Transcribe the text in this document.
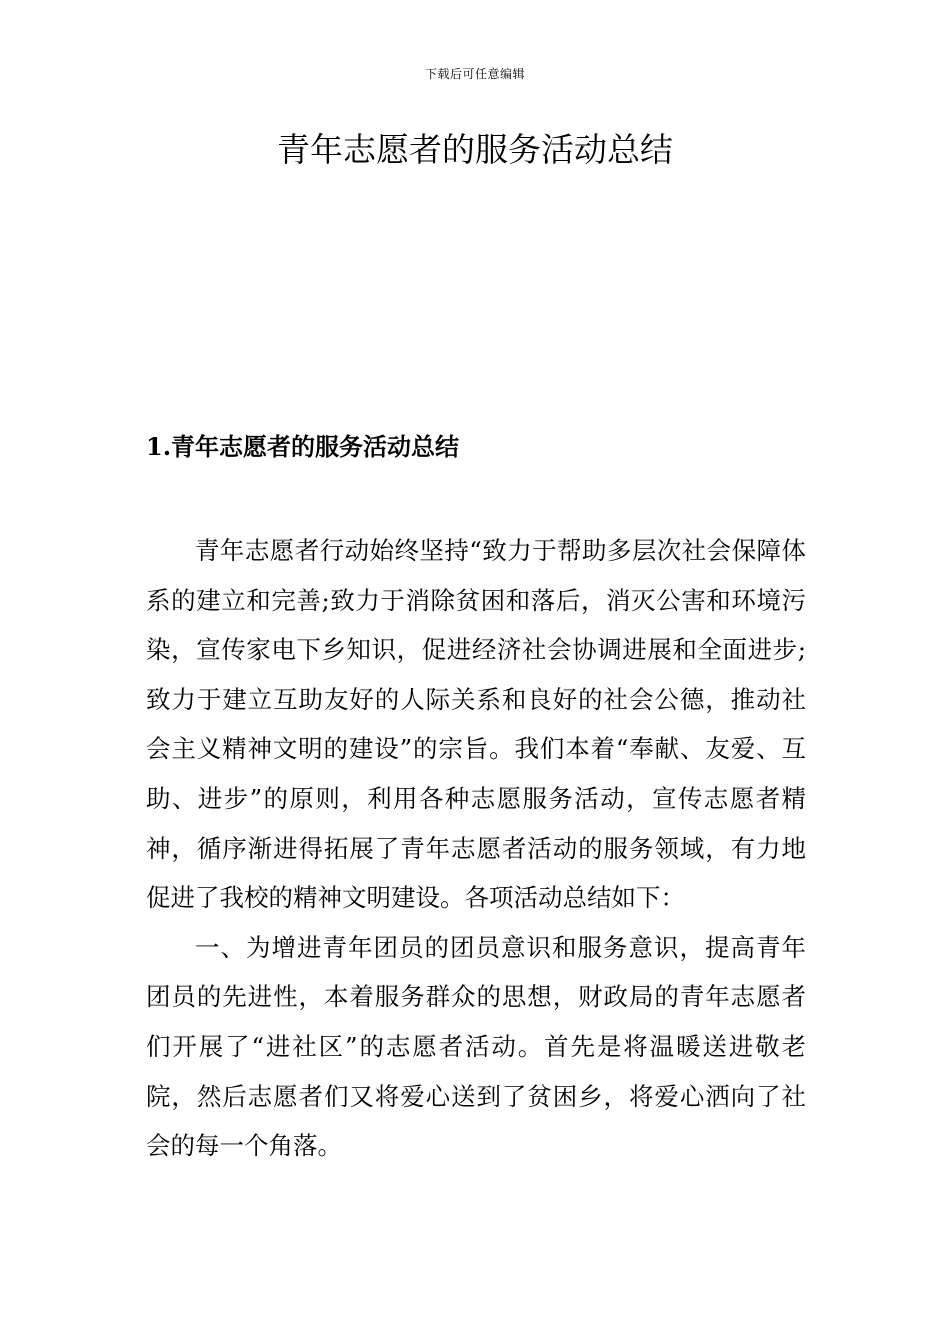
下载后可任意编辑
青年志愿者的服务活动总结
1.青年志愿者的服务活动总结

青年志愿者行动始终坚持“致力于帮助多层次社会保障体系的建立和完善;致力于消除贫困和落后，消灭公害和环境污染，宣传家电下乡知识，促进经济社会协调进展和全面进步;致力于建立互助友好的人际关系和良好的社会公德，推动社会主义精神文明的建设”的宗旨。我们本着“奉献、友爱、互助、进步”的原则，利用各种志愿服务活动，宣传志愿者精神，循序渐进得拓展了青年志愿者活动的服务领域，有力地促进了我校的精神文明建设。各项活动总结如下：

一、为增进青年团员的团员意识和服务意识，提高青年团员的先进性，本着服务群众的思想，财政局的青年志愿者们开展了“进社区”的志愿者活动。首先是将温暖送进敬老院，然后志愿者们又将爱心送到了贫困乡，将爱心洒向了社会的每一个角落。
